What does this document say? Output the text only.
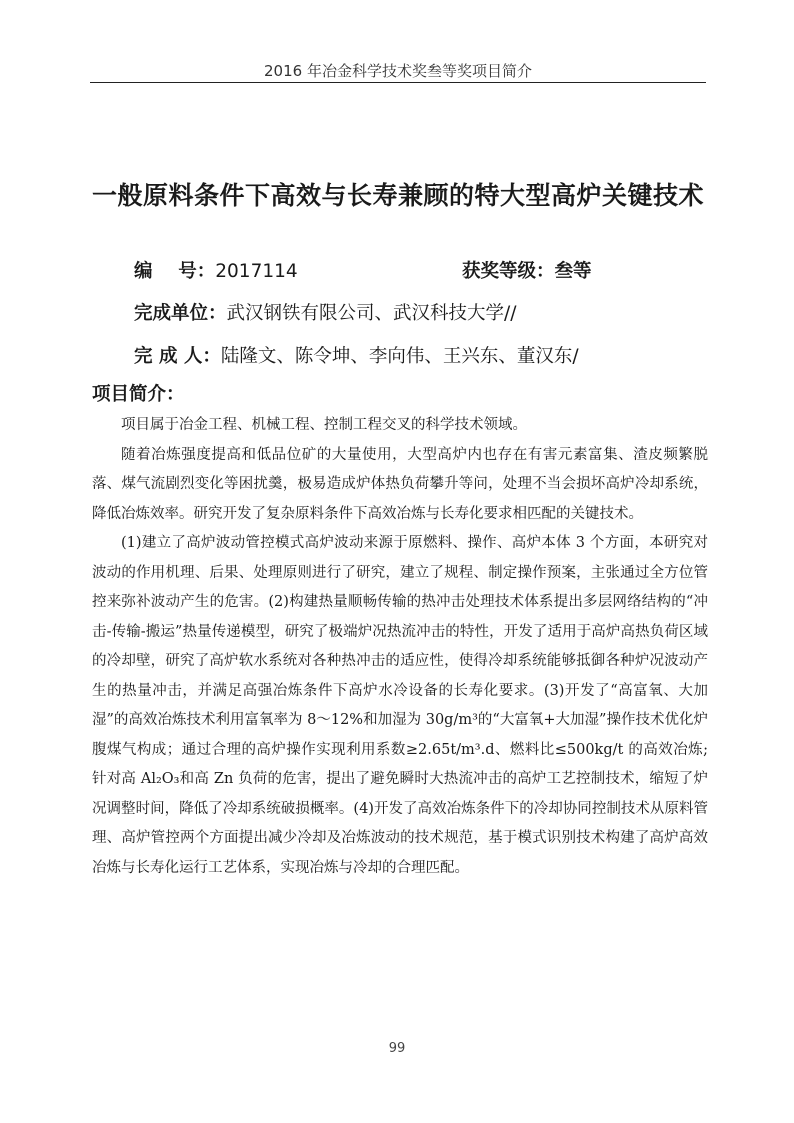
2016 年冶金科学技术奖叁等奖项目简介
一般原料条件下高效与长寿兼顾的特大型高炉关键技术
编    号：2017114	获奖等级：叁等
完成单位：武汉钢铁有限公司、武汉科技大学//
完 成 人：陆隆文、陈令坤、李向伟、王兴东、董汉东/
项目简介：

项目属于冶金工程、机械工程、控制工程交叉的科学技术领域。

随着冶炼强度提高和低品位矿的大量使用，大型高炉内也存在有害元素富集、渣皮频繁脱落、煤气流剧烈变化等困扰羹，极易造成炉体热负荷攀升等问，处理不当会损坏高炉冷却系统，降低冶炼效率。研究开发了复杂原料条件下高效冶炼与长寿化要求相匹配的关键技术。

(1)建立了高炉波动管控模式高炉波动来源于原燃料、操作、高炉本体 3 个方面，本研究对波动的作用机理、后果、处理原则进行了研究，建立了规程、制定操作预案，主张通过全方位管控来弥补波动产生的危害。(2)构建热量顺畅传输的热冲击处理技术体系提出多层网络结构的“冲击-传输-搬运”热量传递模型，研究了极端炉况热流冲击的特性，开发了适用于高炉高热负荷区域的冷却壁，研究了高炉软水系统对各种热冲击的适应性，使得冷却系统能够抵御各种炉况波动产生的热量冲击，并满足高强冶炼条件下高炉水冷设备的长寿化要求。(3)开发了“高富氧、大加湿”的高效冶炼技术利用富氧率为 8～12%和加湿为 30g/m³的“大富氧+大加湿”操作技术优化炉腹煤气构成；通过合理的高炉操作实现利用系数≥2.65t/m³.d、燃料比≤500kg/t 的高效冶炼;针对高 Al₂O₃和高 Zn 负荷的危害，提出了避免瞬时大热流冲击的高炉工艺控制技术，缩短了炉况调整时间，降低了冷却系统破损概率。(4)开发了高效冶炼条件下的冷却协同控制技术从原料管理、高炉管控两个方面提出减少冷却及冶炼波动的技术规范，基于模式识别技术构建了高炉高效冶炼与长寿化运行工艺体系，实现冶炼与冷却的合理匹配。

99
